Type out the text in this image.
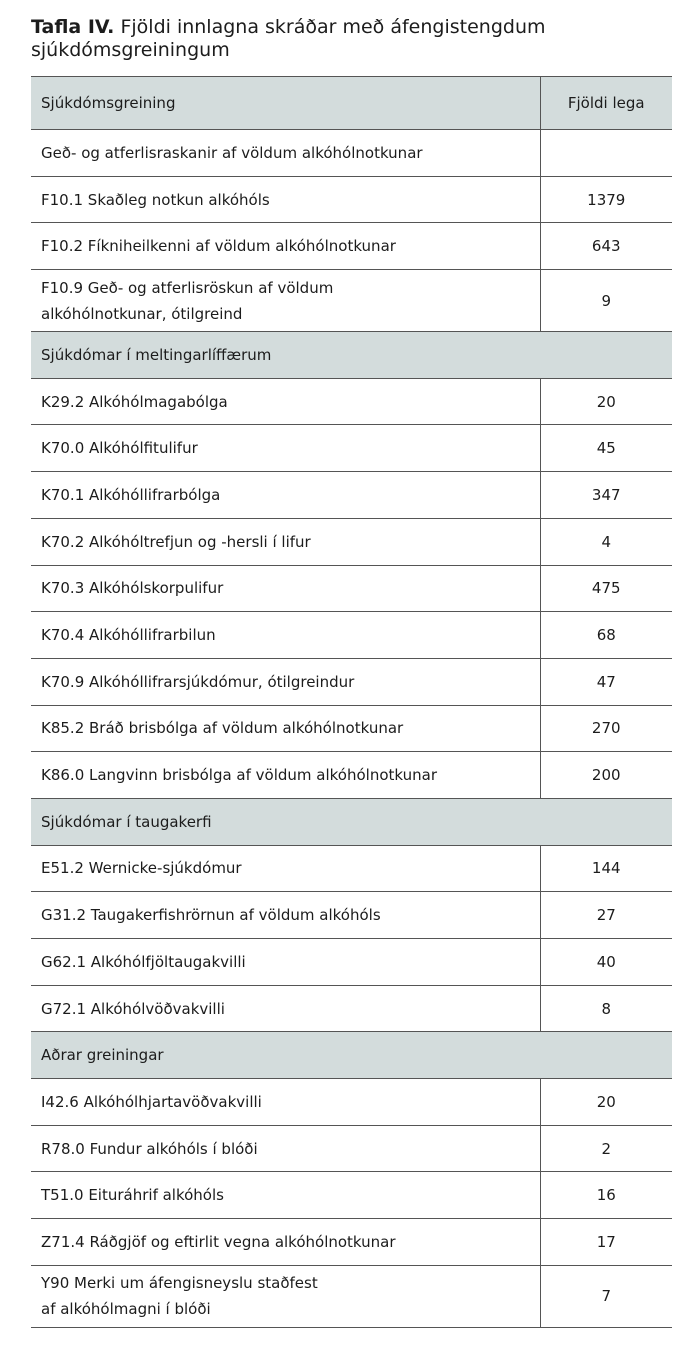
Tafla IV. Fjöldi innlagna skráðar með áfengistengdum sjúkdómsgreiningum
Sjúkdómsgreining	Fjöldi lega
Geð- og atferlisraskanir af völdum alkóhólnotkunar	
F10.1 Skaðleg notkun alkóhóls	1379
F10.2 Fíkniheilkenni af völdum alkóhólnotkunar	643
F10.9 Geð- og atferlisröskun af völdum
alkóhólnotkunar, ótilgreind	9
Sjúkdómar í meltingarlíffærum	
K29.2 Alkóhólmagabólga	20
K70.0 Alkóhólfitulifur	45
K70.1 Alkóhóllifrarbólga	347
K70.2 Alkóhóltrefjun og -hersli í lifur	4
K70.3 Alkóhólskorpulifur	475
K70.4 Alkóhóllifrarbilun	68
K70.9 Alkóhóllifrarsjúkdómur, ótilgreindur	47
K85.2 Bráð brisbólga af völdum alkóhólnotkunar	270
K86.0 Langvinn brisbólga af völdum alkóhólnotkunar	200
Sjúkdómar í taugakerfi	
E51.2 Wernicke-sjúkdómur	144
G31.2 Taugakerfishrörnun af völdum alkóhóls	27
G62.1 Alkóhólfjöltaugakvilli	40
G72.1 Alkóhólvöðvakvilli	8
Aðrar greiningar	
I42.6 Alkóhólhjartavöðvakvilli	20
R78.0 Fundur alkóhóls í blóði	2
T51.0 Eituráhrif alkóhóls	16
Z71.4 Ráðgjöf og eftirlit vegna alkóhólnotkunar	17
Y90 Merki um áfengisneyslu staðfest
af alkóhólmagni í blóði	7
